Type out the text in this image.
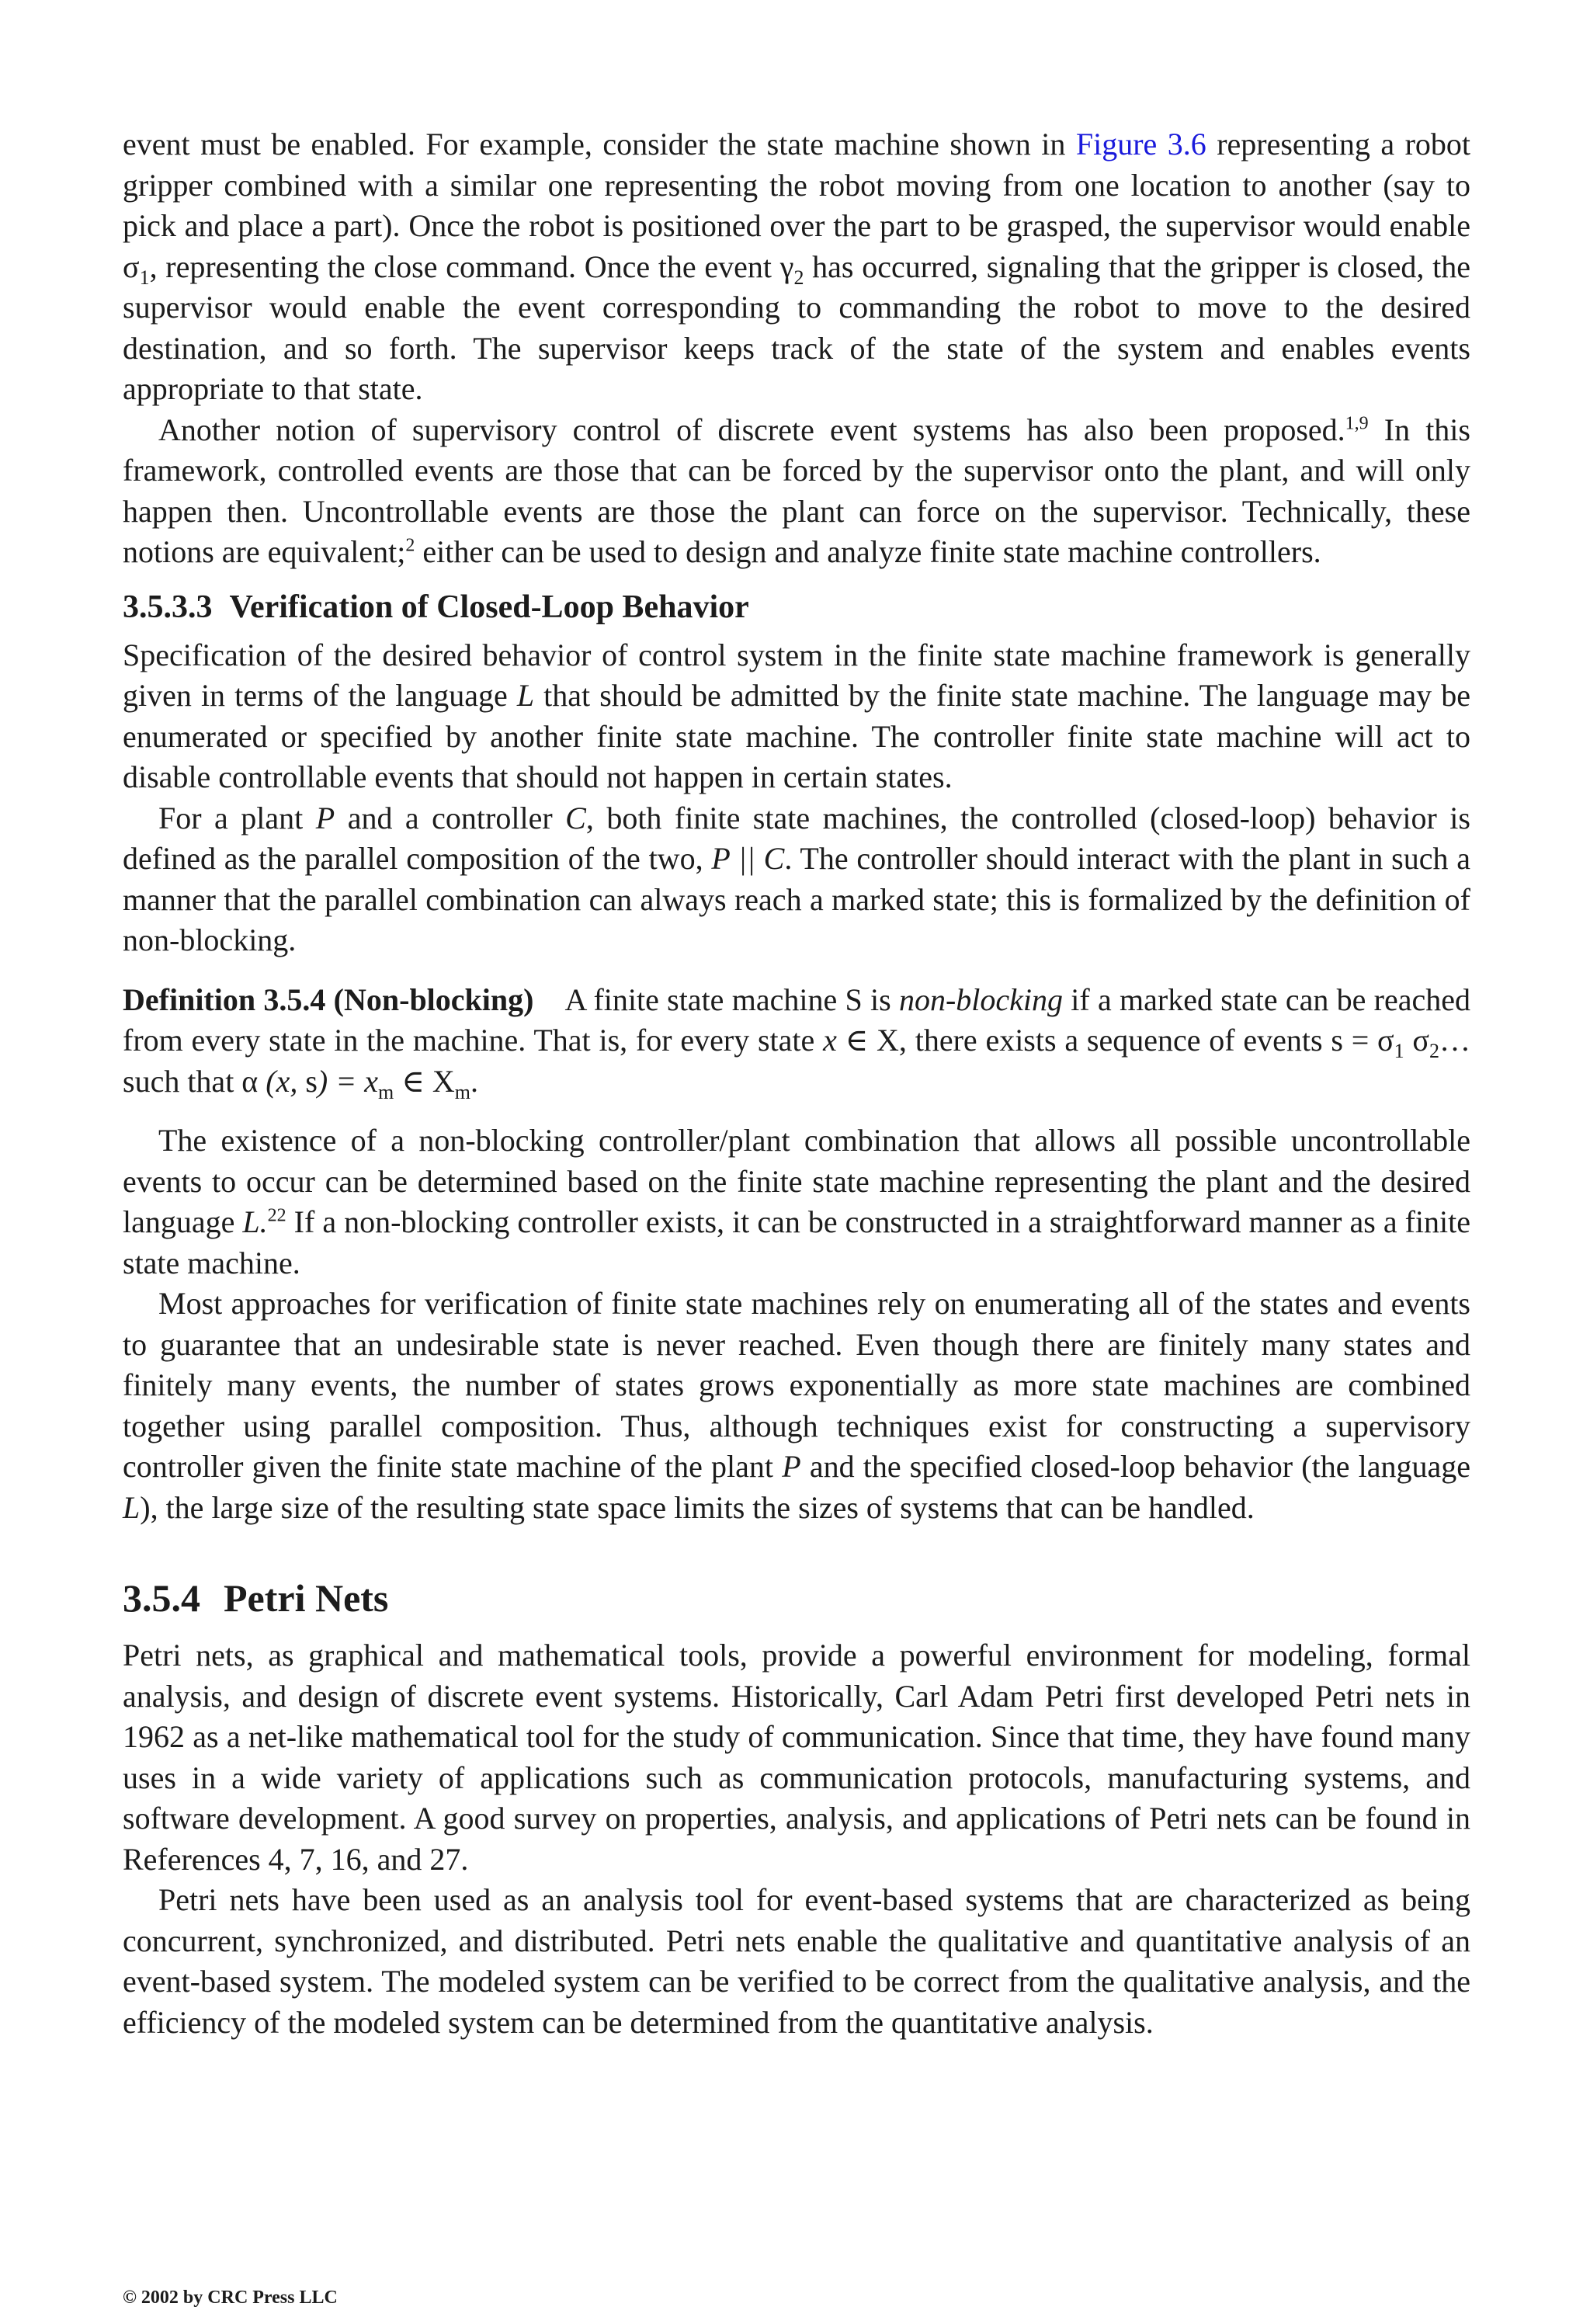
event must be enabled. For example, consider the state machine shown in Figure 3.6 representing a robot gripper combined with a similar one representing the robot moving from one location to another (say to pick and place a part). Once the robot is positioned over the part to be grasped, the supervisor would enable $\sigma_1$, representing the close command. Once the event $\gamma_2$ has occurred, signaling that the gripper is closed, the supervisor would enable the event corresponding to commanding the robot to move to the desired destination, and so forth. The supervisor keeps track of the state of the system and enables events appropriate to that state.

Another notion of supervisory control of discrete event systems has also been proposed.$^{1,9}$ In this framework, controlled events are those that can be forced by the supervisor onto the plant, and will only happen then. Uncontrollable events are those the plant can force on the supervisor. Technically, these notions are equivalent;$^2$ either can be used to design and analyze finite state machine controllers.

3.5.3.3 Verification of Closed-Loop Behavior

Specification of the desired behavior of control system in the finite state machine framework is generally given in terms of the language L that should be admitted by the finite state machine. The language may be enumerated or specified by another finite state machine. The controller finite state machine will act to disable controllable events that should not happen in certain states.

For a plant P and a controller C, both finite state machines, the controlled (closed-loop) behavior is defined as the parallel composition of the two, P || C. The controller should interact with the plant in such a manner that the parallel combination can always reach a marked state; this is formalized by the definition of non-blocking.

Definition 3.5.4 (Non-blocking) A finite state machine S is non-blocking if a marked state can be reached from every state in the machine. That is, for every state x ∈ X, there exists a sequence of events $s = \sigma_1$ $\sigma_2\dots$ such that α (x, $s) = x_m$ ∈ $X_m$.

The existence of a non-blocking controller/plant combination that allows all possible uncontrollable events to occur can be determined based on the finite state machine representing the plant and the desired language L.$^{22}$ If a non-blocking controller exists, it can be constructed in a straightforward manner as a finite state machine.

Most approaches for verification of finite state machines rely on enumerating all of the states and events to guarantee that an undesirable state is never reached. Even though there are finitely many states and finitely many events, the number of states grows exponentially as more state machines are combined together using parallel composition. Thus, although techniques exist for constructing a supervisory controller given the finite state machine of the plant P and the specified closed-loop behavior (the language L), the large size of the resulting state space limits the sizes of systems that can be handled.

3.5.4 Petri Nets

Petri nets, as graphical and mathematical tools, provide a powerful environment for modeling, formal analysis, and design of discrete event systems. Historically, Carl Adam Petri first developed Petri nets in 1962 as a net-like mathematical tool for the study of communication. Since that time, they have found many uses in a wide variety of applications such as communication protocols, manufacturing systems, and software development. A good survey on properties, analysis, and applications of Petri nets can be found in References 4, 7, 16, and 27.

Petri nets have been used as an analysis tool for event-based systems that are characterized as being concurrent, synchronized, and distributed. Petri nets enable the qualitative and quantitative analysis of an event-based system. The modeled system can be verified to be correct from the qualitative analysis, and the efficiency of the modeled system can be determined from the quantitative analysis.

© 2002 by CRC Press LLC
